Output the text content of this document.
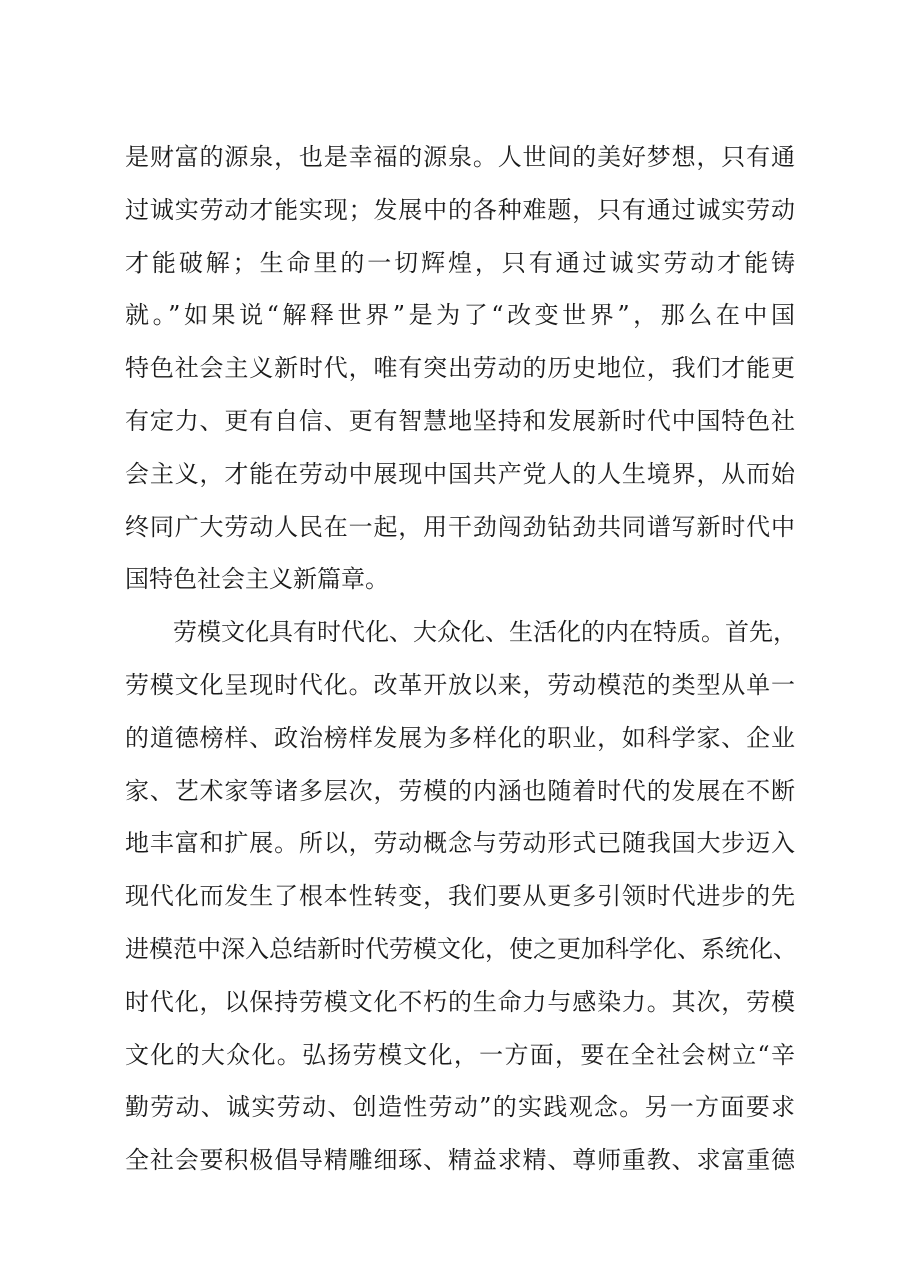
是财富的源泉，也是幸福的源泉。人世间的美好梦想，只有通
过诚实劳动才能实现；发展中的各种难题，只有通过诚实劳动
才能破解；生命里的一切辉煌，只有通过诚实劳动才能铸
就。”如果说“解释世界”是为了“改变世界”，那么在中国
特色社会主义新时代，唯有突出劳动的历史地位，我们才能更
有定力、更有自信、更有智慧地坚持和发展新时代中国特色社
会主义，才能在劳动中展现中国共产党人的人生境界，从而始
终同广大劳动人民在一起，用干劲闯劲钻劲共同谱写新时代中
国特色社会主义新篇章。
劳模文化具有时代化、大众化、生活化的内在特质。首先，
劳模文化呈现时代化。改革开放以来，劳动模范的类型从单一
的道德榜样、政治榜样发展为多样化的职业，如科学家、企业
家、艺术家等诸多层次，劳模的内涵也随着时代的发展在不断
地丰富和扩展。所以，劳动概念与劳动形式已随我国大步迈入
现代化而发生了根本性转变，我们要从更多引领时代进步的先
进模范中深入总结新时代劳模文化，使之更加科学化、系统化、
时代化，以保持劳模文化不朽的生命力与感染力。其次，劳模
文化的大众化。弘扬劳模文化，一方面，要在全社会树立“辛
勤劳动、诚实劳动、创造性劳动”的实践观念。另一方面要求
全社会要积极倡导精雕细琢、精益求精、尊师重教、求富重德
